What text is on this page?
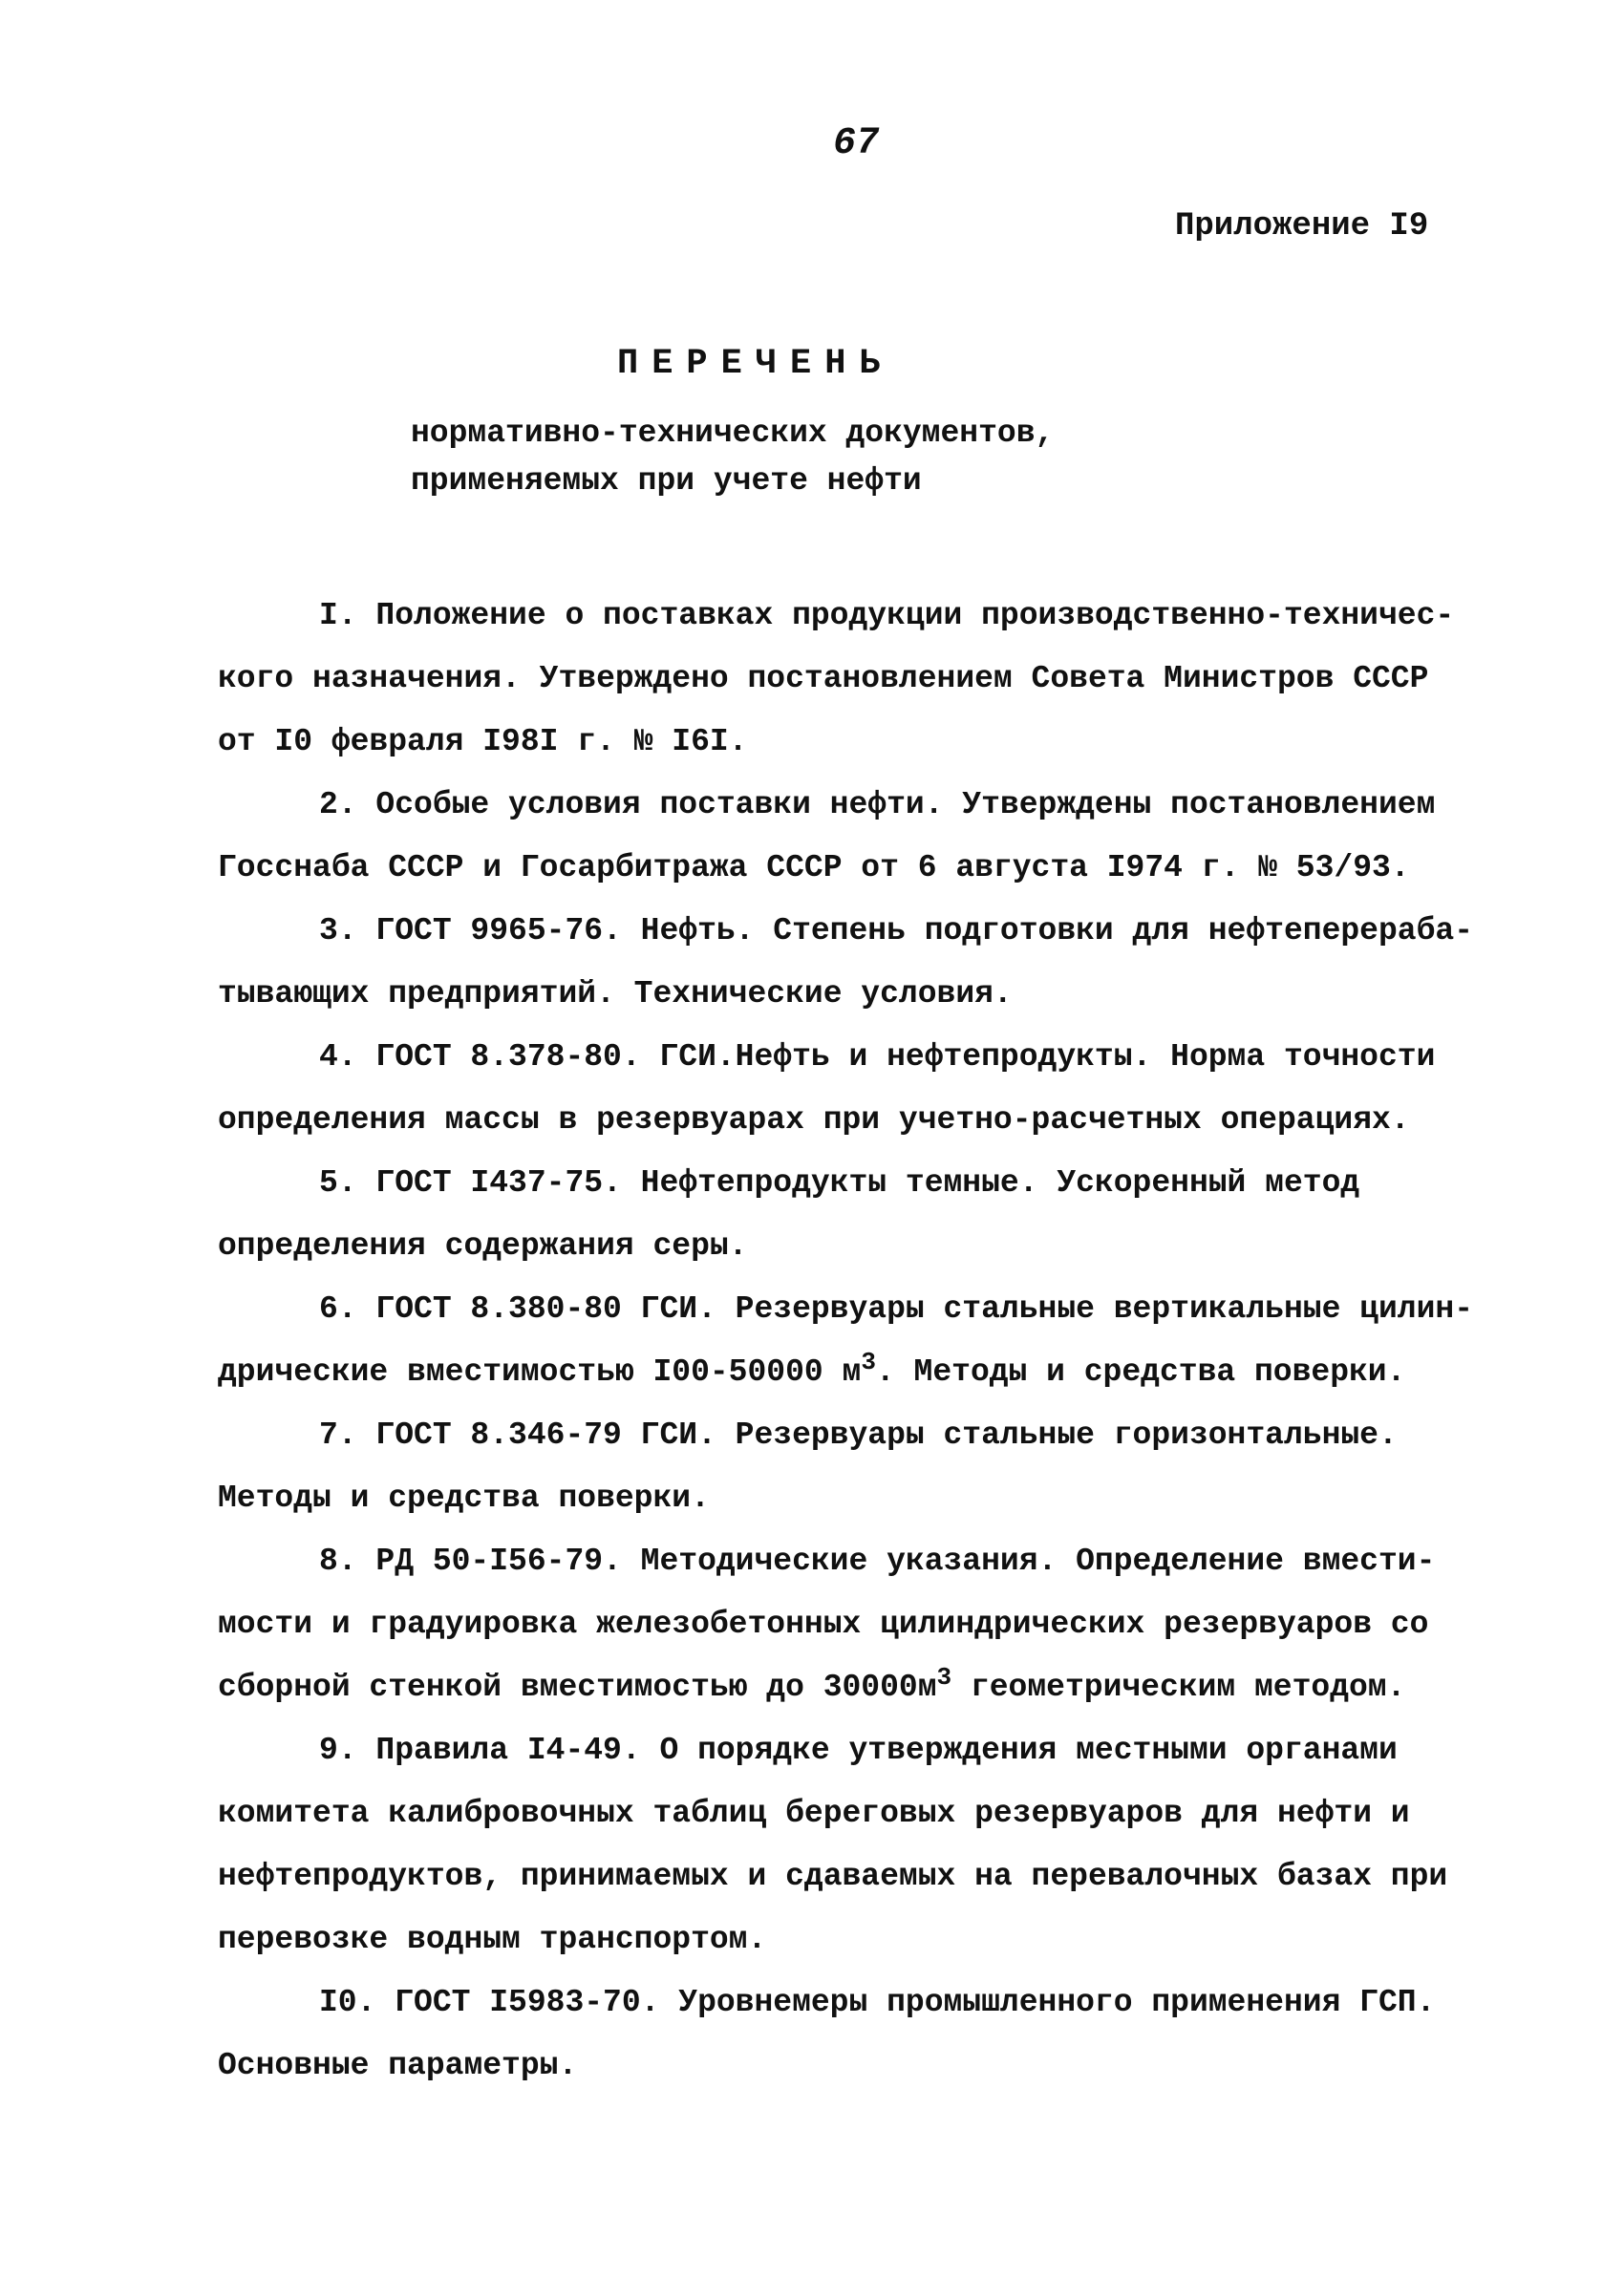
67
Приложение I9
ПЕРЕЧЕНЬ
нормативно-технических документов,
применяемых при учете нефти

I. Положение о поставках продукции производственно-техничес-
кого назначения. Утверждено постановлением Совета Министров СССР
от I0 февраля I98I г. № I6I.

2. Особые условия поставки нефти. Утверждены постановлением
Госснаба СССР и Госарбитража СССР от 6 августа I974 г. № 53/93.

3. ГОСТ 9965-76. Нефть. Степень подготовки для нефтеперераба-
тывающих предприятий. Технические условия.

4. ГОСТ 8.378-80. ГСИ.Нефть и нефтепродукты. Норма точности
определения массы в резервуарах при учетно-расчетных операциях.

5. ГОСТ I437-75. Нефтепродукты темные. Ускоренный метод
определения содержания серы.

6. ГОСТ 8.380-80 ГСИ. Резервуары стальные вертикальные цилин-
дрические вместимостью I00-50000 $м^3$. Методы и средства поверки.

7. ГОСТ 8.346-79 ГСИ. Резервуары стальные горизонтальные.
Методы и средства поверки.

8. РД 50-I56-79. Методические указания. Определение вмести-
мости и градуировка железобетонных цилиндрических резервуаров со
сборной стенкой вместимостью до $30000м^3$ геометрическим методом.

9. Правила I4-49. О порядке утверждения местными органами
комитета калибровочных таблиц береговых резервуаров для нефти и
нефтепродуктов, принимаемых и сдаваемых на перевалочных базах при
перевозке водным транспортом.

I0. ГОСТ I5983-70. Уровнемеры промышленного применения ГСП.
Основные параметры.
